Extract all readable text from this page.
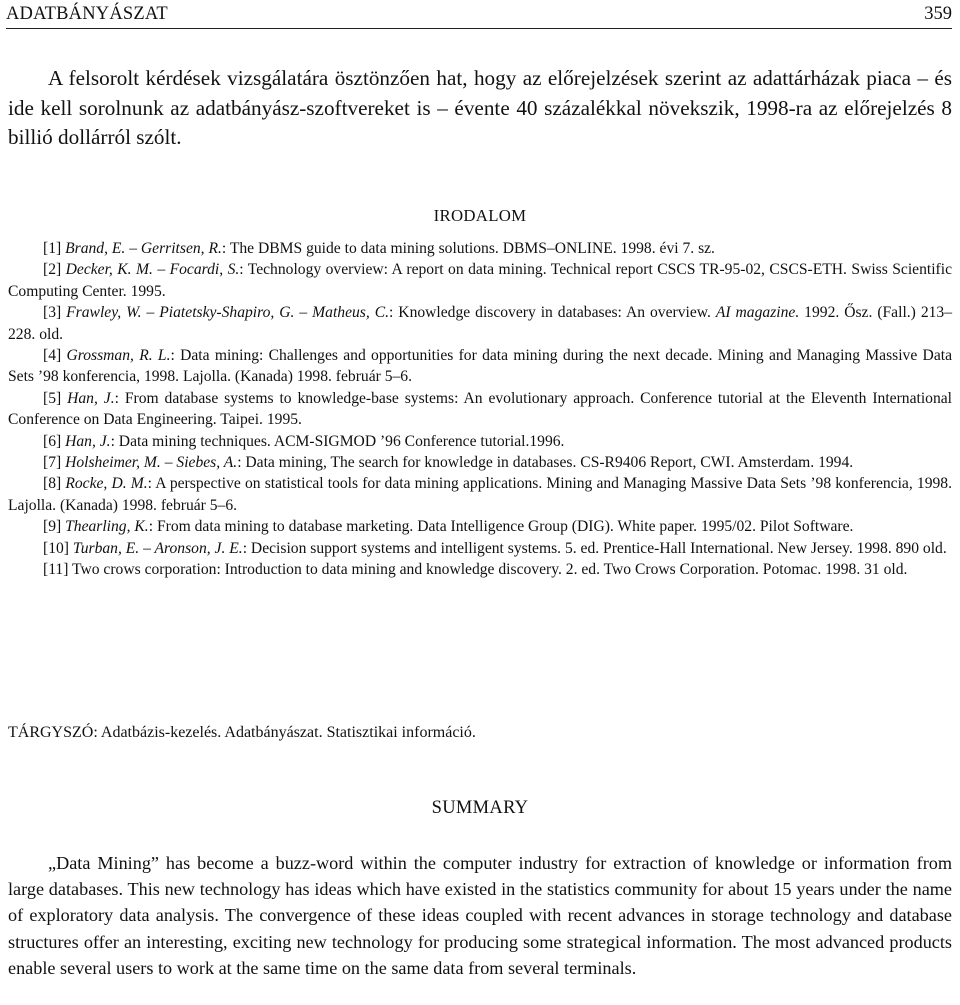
ADATBÁNYÁSZAT	359

A felsorolt kérdések vizsgálatára ösztönzően hat, hogy az előrejelzések szerint az adattárházak piaca – és ide kell sorolnunk az adatbányász-szoftvereket is – évente 40 százalékkal növekszik, 1998-ra az előrejelzés 8 billió dollárról szólt.

IRODALOM
[1] Brand, E. – Gerritsen, R.: The DBMS guide to data mining solutions. DBMS–ONLINE. 1998. évi 7. sz.
[2] Decker, K. M. – Focardi, S.: Technology overview: A report on data mining. Technical report CSCS TR-95-02, CSCS-ETH. Swiss Scientific Computing Center. 1995.
[3] Frawley, W. – Piatetsky-Shapiro, G. – Matheus, C.: Knowledge discovery in databases: An overview. AI magazine. 1992. Ősz. (Fall.) 213–228. old.
[4] Grossman, R. L.: Data mining: Challenges and opportunities for data mining during the next decade. Mining and Managing Massive Data Sets ’98 konferencia, 1998. Lajolla. (Kanada) 1998. február 5–6.
[5] Han, J.: From database systems to knowledge-base systems: An evolutionary approach. Conference tutorial at the Eleventh International Conference on Data Engineering. Taipei. 1995.
[6] Han, J.: Data mining techniques. ACM-SIGMOD ’96 Conference tutorial.1996.
[7] Holsheimer, M. – Siebes, A.: Data mining, The search for knowledge in databases. CS-R9406 Report, CWI. Amsterdam. 1994.
[8] Rocke, D. M.: A perspective on statistical tools for data mining applications. Mining and Managing Massive Data Sets ’98 konferencia, 1998. Lajolla. (Kanada) 1998. február 5–6.
[9] Thearling, K.: From data mining to database marketing. Data Intelligence Group (DIG). White paper. 1995/02. Pilot Software.
[10] Turban, E. – Aronson, J. E.: Decision support systems and intelligent systems. 5. ed. Prentice-Hall International. New Jersey. 1998. 890 old.
[11] Two crows corporation: Introduction to data mining and knowledge discovery. 2. ed. Two Crows Corporation. Potomac. 1998. 31 old.

TÁRGYSZÓ: Adatbázis-kezelés. Adatbányászat. Statisztikai információ.

SUMMARY

„Data Mining” has become a buzz-word within the computer industry for extraction of knowledge or information from large databases. This new technology has ideas which have existed in the statistics community for about 15 years under the name of exploratory data analysis. The convergence of these ideas coupled with recent advances in storage technology and database structures offer an interesting, exciting new technology for producing some strategical information. The most advanced products enable several users to work at the same time on the same data from several terminals.
